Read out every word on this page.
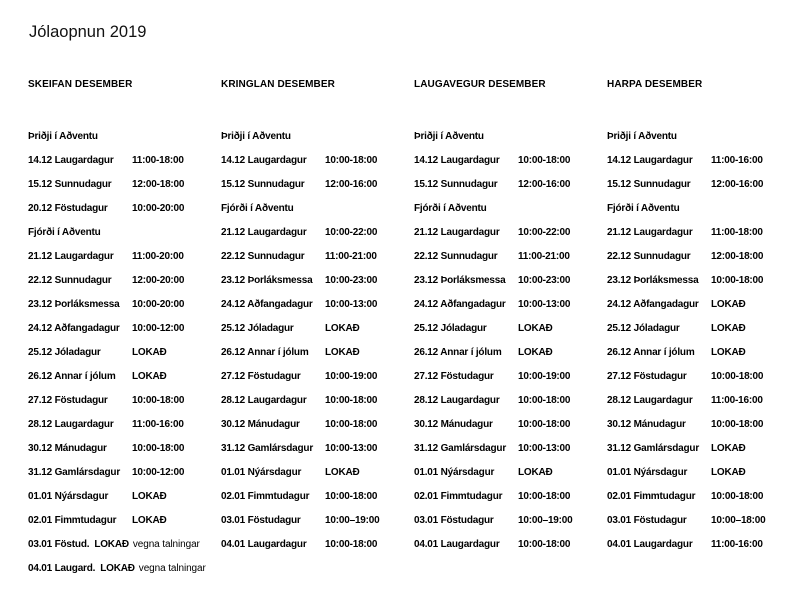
Jólaopnun 2019
SKEIFAN DESEMBER
Þriðji í Aðventu
14.12 Laugardagur	11:00-18:00
15.12 Sunnudagur	12:00-18:00
20.12 Föstudagur	10:00-20:00
Fjórði í Aðventu
21.12 Laugardagur	11:00-20:00
22.12 Sunnudagur	12:00-20:00
23.12 Þorláksmessa	10:00-20:00
24.12 Aðfangadagur	10:00-12:00
25.12 Jóladagur	LOKAÐ
26.12 Annar í jólum	LOKAÐ
27.12 Föstudagur	10:00-18:00
28.12 Laugardagur	11:00-16:00
30.12 Mánudagur	10:00-18:00
31.12 Gamlársdagur	10:00-12:00
01.01 Nýársdagur	LOKAÐ
02.01 Fimmtudagur	LOKAÐ
03.01 Föstud. LOKAÐ vegna talningar
04.01 Laugard. LOKAÐ vegna talningar
KRINGLAN DESEMBER
Þriðji í Aðventu
14.12 Laugardagur	10:00-18:00
15.12 Sunnudagur	12:00-16:00
Fjórði í Aðventu
21.12 Laugardagur	10:00-22:00
22.12 Sunnudagur	11:00-21:00
23.12 Þorláksmessa	10:00-23:00
24.12 Aðfangadagur	10:00-13:00
25.12 Jóladagur	LOKAÐ
26.12 Annar í jólum	LOKAÐ
27.12 Föstudagur	10:00-19:00
28.12 Laugardagur	10:00-18:00
30.12 Mánudagur	10:00-18:00
31.12 Gamlársdagur	10:00-13:00
01.01 Nýársdagur	LOKAÐ
02.01 Fimmtudagur	10:00-18:00
03.01 Föstudagur	10:00–19:00
04.01 Laugardagur	10:00-18:00
LAUGAVEGUR DESEMBER
Þriðji í Aðventu
14.12 Laugardagur	10:00-18:00
15.12 Sunnudagur	12:00-16:00
Fjórði í Aðventu
21.12 Laugardagur	10:00-22:00
22.12 Sunnudagur	11:00-21:00
23.12 Þorláksmessa	10:00-23:00
24.12 Aðfangadagur	10:00-13:00
25.12 Jóladagur	LOKAÐ
26.12 Annar í jólum	LOKAÐ
27.12 Föstudagur	10:00-19:00
28.12 Laugardagur	10:00-18:00
30.12 Mánudagur	10:00-18:00
31.12 Gamlársdagur	10:00-13:00
01.01 Nýársdagur	LOKAÐ
02.01 Fimmtudagur	10:00-18:00
03.01 Föstudagur	10:00–19:00
04.01 Laugardagur	10:00-18:00
HARPA DESEMBER
Þriðji í Aðventu
14.12 Laugardagur	11:00-16:00
15.12 Sunnudagur	12:00-16:00
Fjórði í Aðventu
21.12 Laugardagur	11:00-18:00
22.12 Sunnudagur	12:00-18:00
23.12 Þorláksmessa	10:00-18:00
24.12 Aðfangadagur	LOKAÐ
25.12 Jóladagur	LOKAÐ
26.12 Annar í jólum	LOKAÐ
27.12 Föstudagur	10:00-18:00
28.12 Laugardagur	11:00-16:00
30.12 Mánudagur	10:00-18:00
31.12 Gamlársdagur	LOKAÐ
01.01 Nýársdagur	LOKAÐ
02.01 Fimmtudagur	10:00-18:00
03.01 Föstudagur	10:00–18:00
04.01 Laugardagur	11:00-16:00
